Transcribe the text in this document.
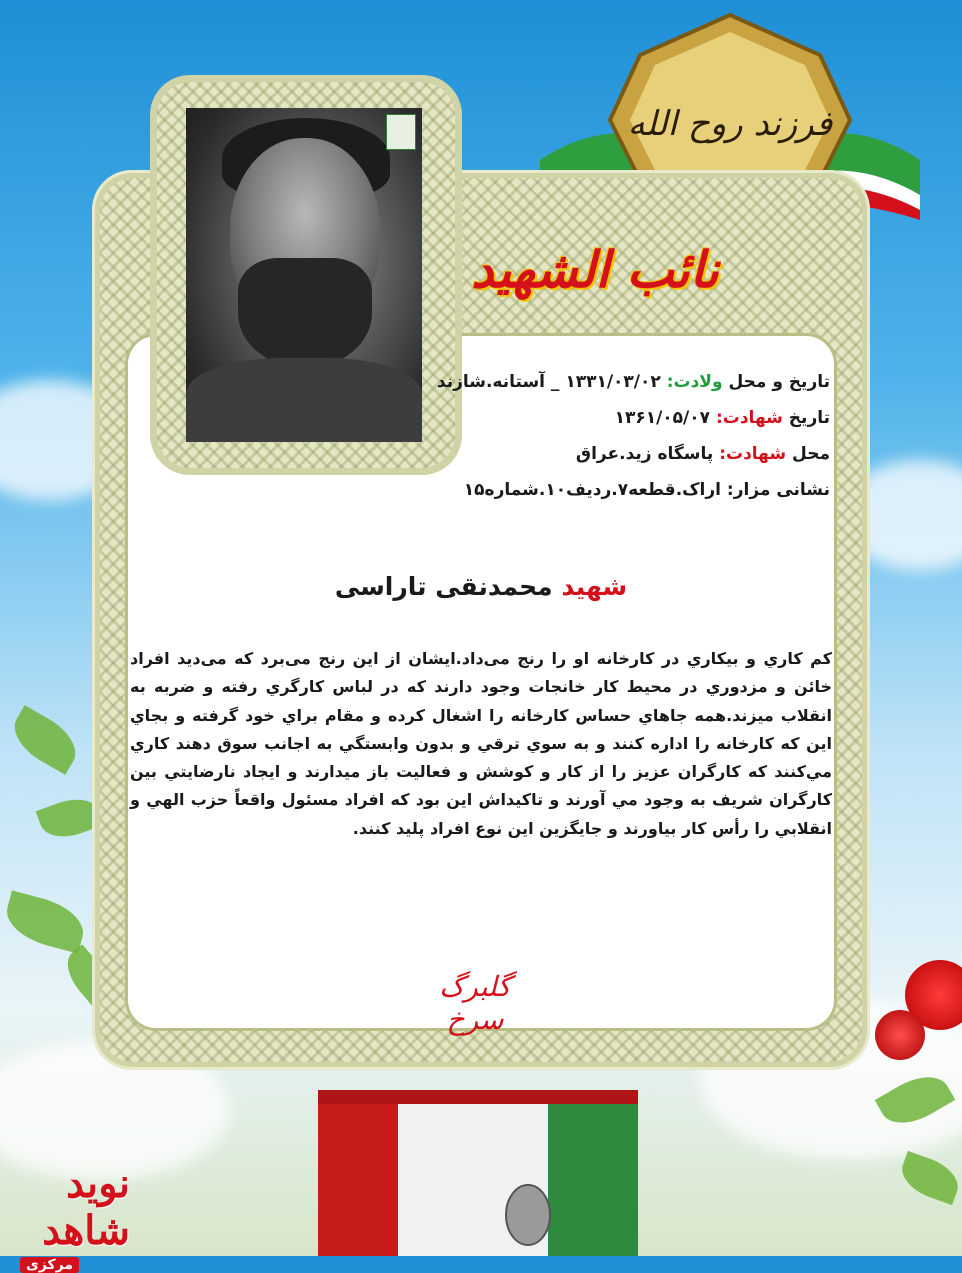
فرزند روح الله
نائب الشهید
تاریخ و محل ولادت: ۱۳۳۱/۰۳/۰۲ _ آستانه.شازند
تاریخ شهادت: ۱۳۶۱/۰۵/۰۷
محل شهادت: پاسگاه زید.عراق
نشانی مزار: اراک.قطعه۷.ردیف۱۰.شماره۱۵
شهید محمدنقی تاراسی
کم کاري و بيکاري در کارخانه او را رنج می‌داد.ایشان از این رنج می‌برد که می‌دید افراد خائن و مزدوري در محيط کار خانجات وجود دارند که در لباس کارگري رفته و ضربه به انقلاب ميزند.همه جاهاي حساس کارخانه را اشغال کرده و مقام براي خود گرفته و بجاي اين که کارخانه را اداره کنند و به سوي ترقي و بدون وابستگي به اجانب سوق دهند کاري مي‌کنند که کارگران عزيز را از کار و کوشش و فعاليت باز ميدارند و ايجاد نارضايتي بين کارگران شريف به وجود مي آورند و تاکيداش اين بود که افراد مسئول واقعاً حزب الهي و انقلابي را رأس کار بياورند و جايگزين اين نوع افراد پليد کنند.
گلبرگ سرخ
نوید شاهد
مرکزی
